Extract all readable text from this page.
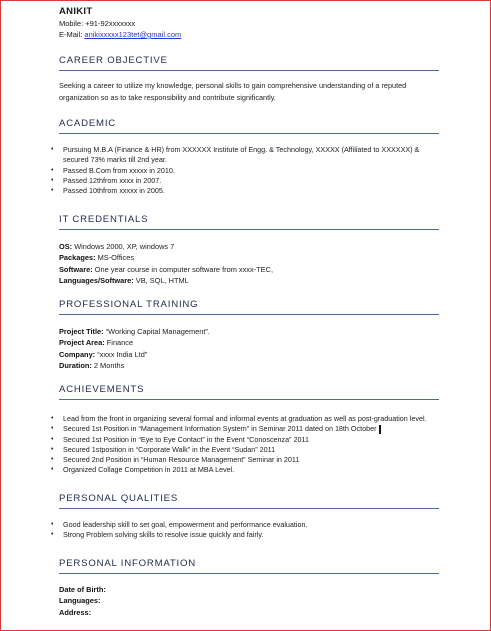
ANIKIT
Mobile: +91-92xxxxxxx
E-Mail: anikixxxxx123tet@gmail.com
CAREER OBJECTIVE
Seeking a career to utilize my knowledge, personal skills to gain comprehensive understanding of a reputed organization so as to take responsibility and contribute significantly.
ACADEMIC
• Pursuing M.B.A (Finance & HR) from XXXXXX Institute of Engg. & Technology, XXXXX (Affiliated to XXXXXX) & secured 73% marks till 2nd year.
• Passed B.Com from xxxxx in 2010.
• Passed 12thfrom xxxx in 2007.
• Passed 10thfrom xxxxx in 2005.
IT CREDENTIALS
OS: Windows 2000, XP, windows 7
Packages: MS-Offices
Software: One year course in computer software from xxxx-TEC,
Languages/Software: VB, SQL, HTML
PROFESSIONAL TRAINING
Project Title: “Working Capital Management”.
Project Area: Finance
Company: “xxxx India Ltd”
Duration: 2 Months
ACHIEVEMENTS
• Lead from the front in organizing several formal and informal events at graduation as well as post-graduation level.
• Secured 1st Position in “Management Information System” in Seminar 2011 dated on 18th October
• Secured 1st Position in “Eye to Eye Contact” in the Event “Conoscenza” 2011
• Secured 1stposition in “Corporate Walk” in the Event “Sudan” 2011
• Secured 2nd Position in “Human Resource Management” Seminar in 2011
• Organized Collage Competition in 2011 at MBA Level.
PERSONAL QUALITIES
• Good leadership skill to set goal, empowerment and performance evaluation.
• Strong Problem solving skills to resolve issue quickly and fairly.
PERSONAL INFORMATION
Date of Birth:
Languages:
Address:
